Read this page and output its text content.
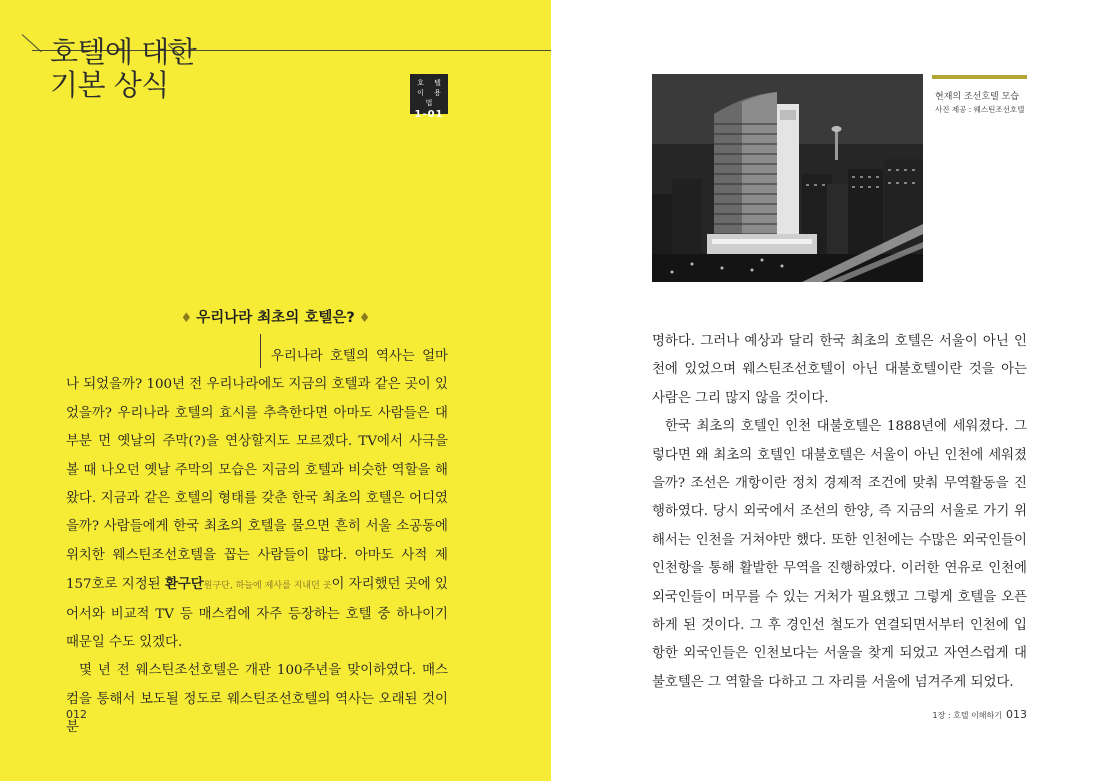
호텔에 대한
기본 상식	호 텔
이 용 법
1-01
♦ 우리나라 최초의 호텔은? ♦

우리나라 호텔의 역사는 얼마 나 되었을까? 100년 전 우리나라에도 지금의 호텔과 같은 곳이 있었을까? 우리나라 호텔의 효시를 추측한다면 아마도 사람들은 대부분 먼 옛날의 주막(?)을 연상할지도 모르겠다. TV에서 사극을 볼 때 나오던 옛날 주막의 모습은 지금의 호텔과 비슷한 역할을 해왔다. 지금과 같은 호텔의 형태를 갖춘 한국 최초의 호텔은 어디였을까? 사람들에게 한국 최초의 호텔을 물으면 흔히 서울 소공동에 위치한 웨스틴조선호텔을 꼽는 사람들이 많다. 아마도 사적 제157호로 지정된 환구단원구단, 하늘에 제사를 지내던 곳이 자리했던 곳에 있어서와 비교적 TV 등 매스컴에 자주 등장하는 호텔 중 하나이기 때문일 수도 있겠다.

몇 년 전 웨스틴조선호텔은 개관 100주년을 맞이하였다. 매스컴을 통해서 보도될 정도로 웨스틴조선호텔의 역사는 오래된 것이 분

012
현재의 조선호텔 모습
사진 제공 : 웨스틴조선호텔

명하다. 그러나 예상과 달리 한국 최초의 호텔은 서울이 아닌 인천에 있었으며 웨스틴조선호텔이 아닌 대불호텔이란 것을 아는 사람은 그리 많지 않을 것이다.

한국 최초의 호텔인 인천 대불호텔은 1888년에 세워졌다. 그렇다면 왜 최초의 호텔인 대불호텔은 서울이 아닌 인천에 세워졌을까? 조선은 개항이란 정치 경제적 조건에 맞춰 무역활동을 진행하였다. 당시 외국에서 조선의 한양, 즉 지금의 서울로 가기 위해서는 인천을 거쳐야만 했다. 또한 인천에는 수많은 외국인들이 인천항을 통해 활발한 무역을 진행하였다. 이러한 연유로 인천에 외국인들이 머무를 수 있는 거처가 필요했고 그렇게 호텔을 오픈하게 된 것이다. 그 후 경인선 철도가 연결되면서부터 인천에 입항한 외국인들은 인천보다는 서울을 찾게 되었고 자연스럽게 대불호텔은 그 역할을 다하고 그 자리를 서울에 넘겨주게 되었다.

1장 : 호텔 이해하기 013
